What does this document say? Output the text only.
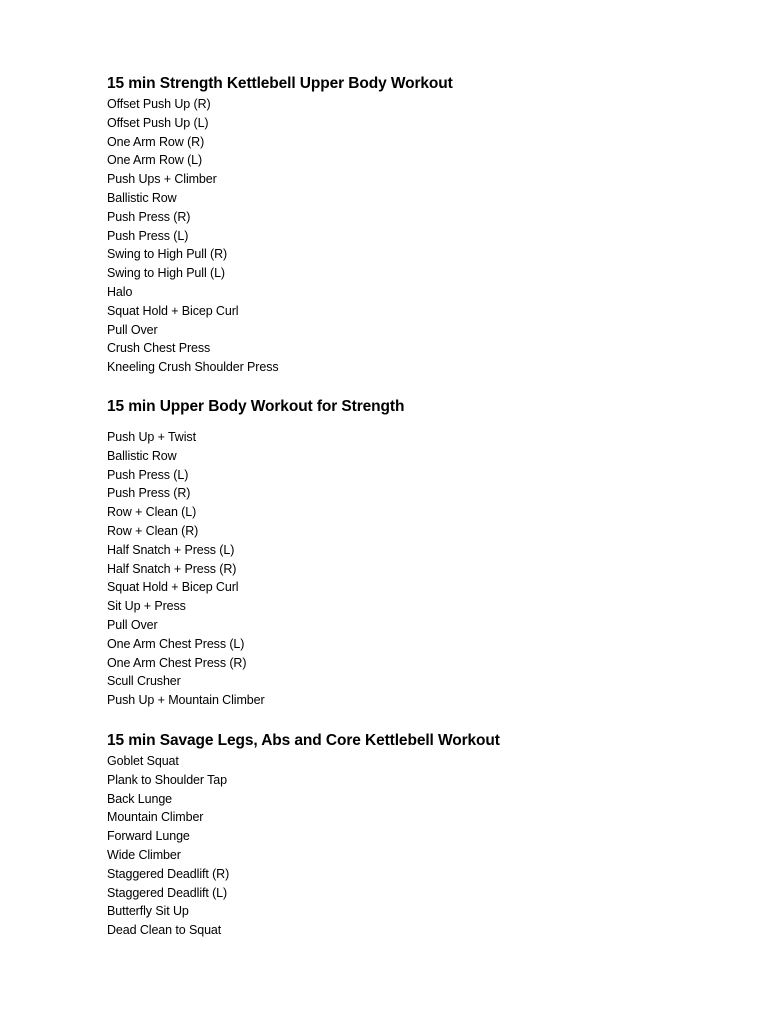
15 min Strength Kettlebell Upper Body Workout
Offset Push Up (R)
Offset Push Up (L)
One Arm Row (R)
One Arm Row (L)
Push Ups + Climber
Ballistic Row
Push Press (R)
Push Press (L)
Swing to High Pull (R)
Swing to High Pull (L)
Halo
Squat Hold + Bicep Curl
Pull Over
Crush Chest Press
Kneeling Crush Shoulder Press
15 min Upper Body Workout for Strength
Push Up + Twist
Ballistic Row
Push Press (L)
Push Press (R)
Row + Clean (L)
Row + Clean (R)
Half Snatch + Press (L)
Half Snatch + Press (R)
Squat Hold + Bicep Curl
Sit Up + Press
Pull Over
One Arm Chest Press (L)
One Arm Chest Press (R)
Scull Crusher
Push Up + Mountain Climber
15 min Savage Legs, Abs and Core Kettlebell Workout
Goblet Squat
Plank to Shoulder Tap
Back Lunge
Mountain Climber
Forward Lunge
Wide Climber
Staggered Deadlift (R)
Staggered Deadlift (L)
Butterfly Sit Up
Dead Clean to Squat
